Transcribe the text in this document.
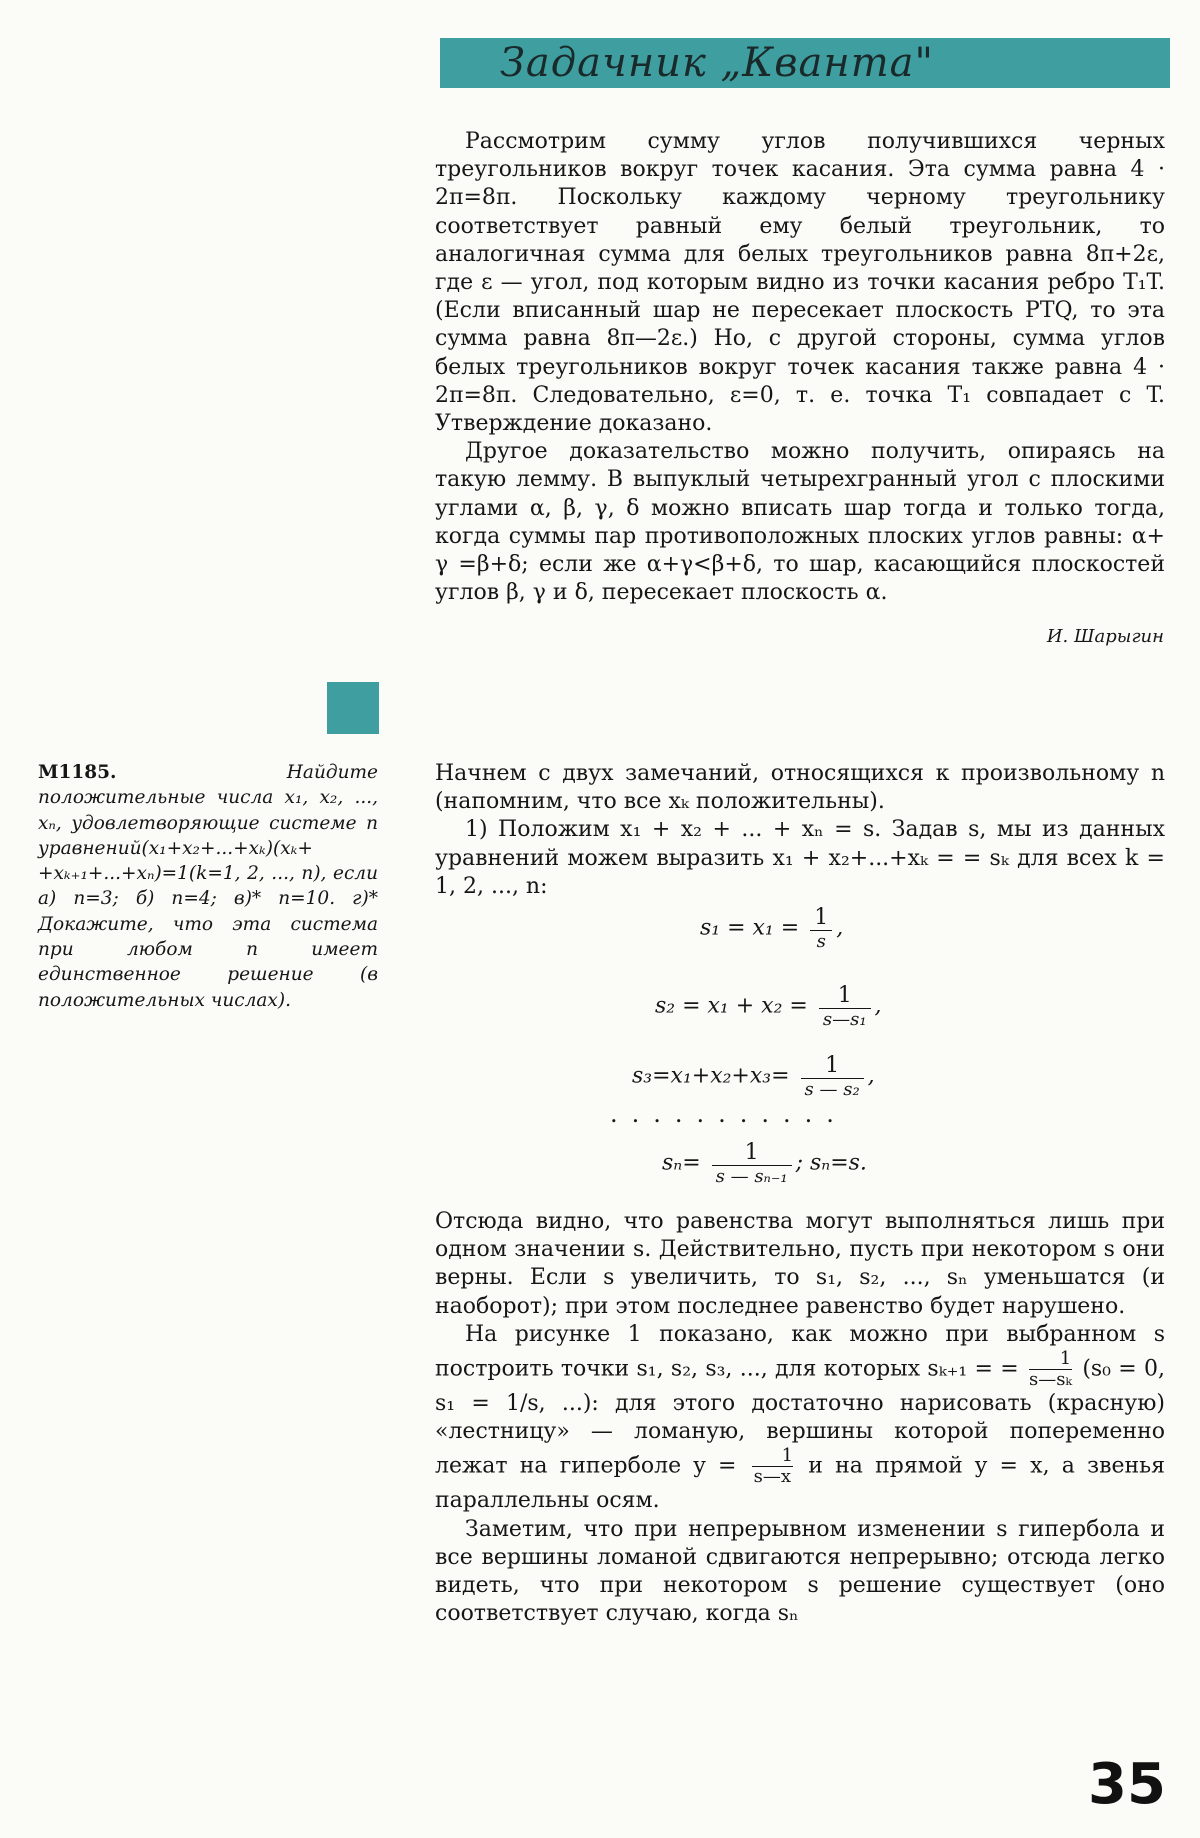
Задачник „Кванта"

Рассмотрим сумму углов получившихся черных треугольников вокруг точек касания. Эта сумма равна 4 · 2π=8π. Поскольку каждому черному треугольнику соответствует равный ему белый треугольник, то аналогичная сумма для белых треугольников равна 8π+2ε, где ε — угол, под которым видно из точки касания ребро T₁T. (Если вписанный шар не пересекает плоскость PTQ, то эта сумма равна 8π—2ε.) Но, с другой стороны, сумма углов белых треугольников вокруг точек касания также равна 4 · 2π=8π. Следовательно, ε=0, т. е. точка T₁ совпадает с T. Утверждение доказано.

Другое доказательство можно получить, опираясь на такую лемму. В выпуклый четырехгранный угол с плоскими углами α, β, γ, δ можно вписать шар тогда и только тогда, когда суммы пар противоположных плоских углов равны: α+ γ =β+δ; если же α+γ<β+δ, то шар, касающийся плоскостей углов β, γ и δ, пересекает плоскость α.

И. Шарыгин
М1185.	Найдите положительные числа x₁, x₂, ..., xₙ, удовлетворяющие системе n уравнений(x₁+x₂+...+xₖ)(xₖ+ +xₖ₊₁+...+xₙ)=1(k=1, 2, ..., n), если а) n=3; б) n=4; в)* n=10. г)* Докажите, что эта система при любом n имеет единственное решение (в положительных числах).

Начнем с двух замечаний, относящихся к произвольному n (напомним, что все xₖ положительны).

1) Положим x₁ + x₂ + ... + xₙ = s. Задав s, мы из данных уравнений можем выразить x₁ + x₂+...+xₖ = = sₖ для всех k = 1, 2, ..., n:

$s_1 = x_1 = \frac{1}{s}$ ,
$s_2 = x_1 + x_2 = \frac{1}{\text{s—s₁}}$ ,
$s_3=x_1+x_2+x_3= \frac{1}{\text{s — s₂}}$ ,
...........
$s_n= \frac{1}{\text{s — sₙ₋₁}}$ ; sₙ=s.

Отсюда видно, что равенства могут выполняться лишь при одном значении s. Действительно, пусть при некотором s они верны. Если s увеличить, то s₁, s₂, ..., sₙ уменьшатся (и наоборот); при этом последнее равенство будет нарушено.

На рисунке 1 показано, как можно при выбранном s построить точки s₁, s₂, s₃, ..., для которых sₖ₊₁ = = $\frac{1}{\text{s—sₖ}} (s_0 = 0$, s₁ = 1/s, ...): для этого достаточно нарисовать (красную) «лестницу» — ломаную, вершины которой попеременно лежат на гиперболе $y = \frac{1}{s—x}$ и на прямой y = x, а звенья параллельны осям.

Заметим, что при непрерывном изменении s гипербола и все вершины ломаной сдвигаются непрерывно; отсюда легко видеть, что при некотором s решение существует (оно соответствует случаю, когда sₙ

35
